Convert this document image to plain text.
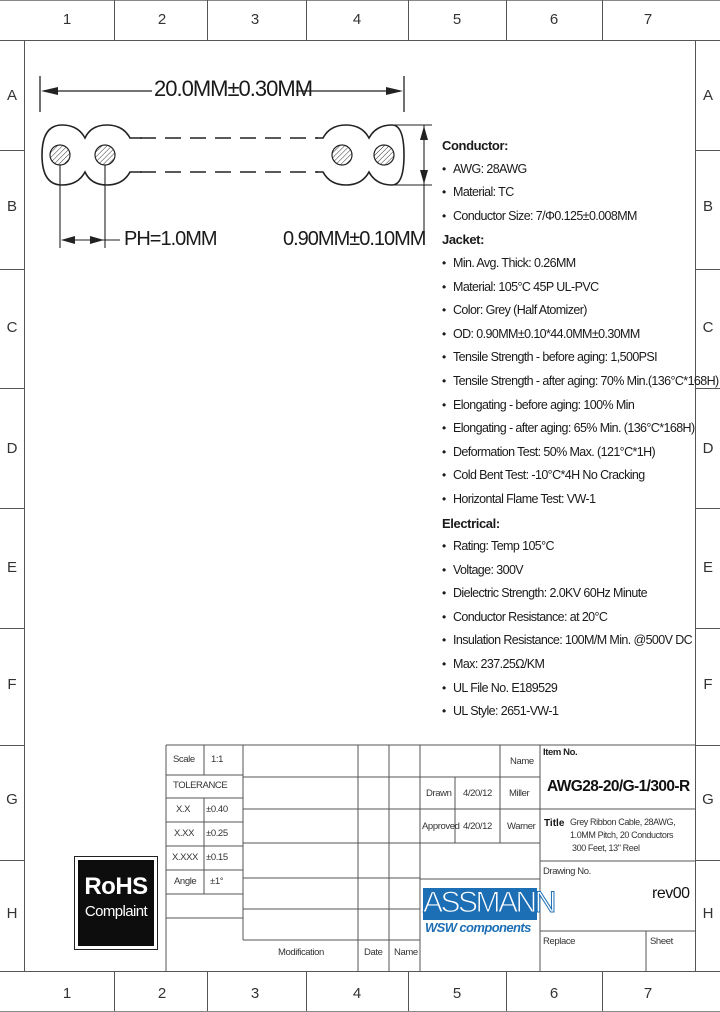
1	2	3	4	5	6	7
1	2	3	4	5	6	7
A
B
C
D
E
F
G
H
A
B
C
D
E
F
G
H
20.0MM±0.30MM
PH=1.0MM	0.90MM±0.10MM
Conductor:
• AWG: 28AWG
• Material: TC
• Conductor Size: 7/Φ0.125±0.008MM
Jacket:
• Min. Avg. Thick: 0.26MM
• Material: 105°C 45P UL-PVC
• Color: Grey (Half Atomizer)
• OD: 0.90MM±0.10*44.0MM±0.30MM
• Tensile Strength - before aging: 1,500PSI
• Tensile Strength - after aging: 70% Min.(136°C*168H)
• Elongating - before aging: 100% Min
• Elongating - after aging: 65% Min. (136°C*168H)
• Deformation Test: 50% Max. (121°C*1H)
• Cold Bent Test: -10°C*4H No Cracking
• Horizontal Flame Test: VW-1
Electrical:
• Rating: Temp 105°C
• Voltage: 300V
• Dielectric Strength: 2.0KV 60Hz Minute
• Conductor Resistance: at 20°C
• Insulation Resistance: 100M/M Min. @500V DC
• Max: 237.25Ω/KM
• UL File No. E189529
• UL Style: 2651-VW-1
RoHS
Complaint
Scale 1:1
TOLERANCE
X.X ±0.40
X.XX ±0.25
X.XXX ±0.15
Angle ±1°
Name
Drawn 4/20/12 Miller
Approved 4/20/12 Warner
Modification	Date Name
Item No.
AWG28-20/G-1/300-R
Title Grey Ribbon Cable, 28AWG,
1.0MM Pitch, 20 Conductors
300 Feet, 13" Reel
Drawing No.
rev00
Replace	Sheet
ASSMANN
WSW components
